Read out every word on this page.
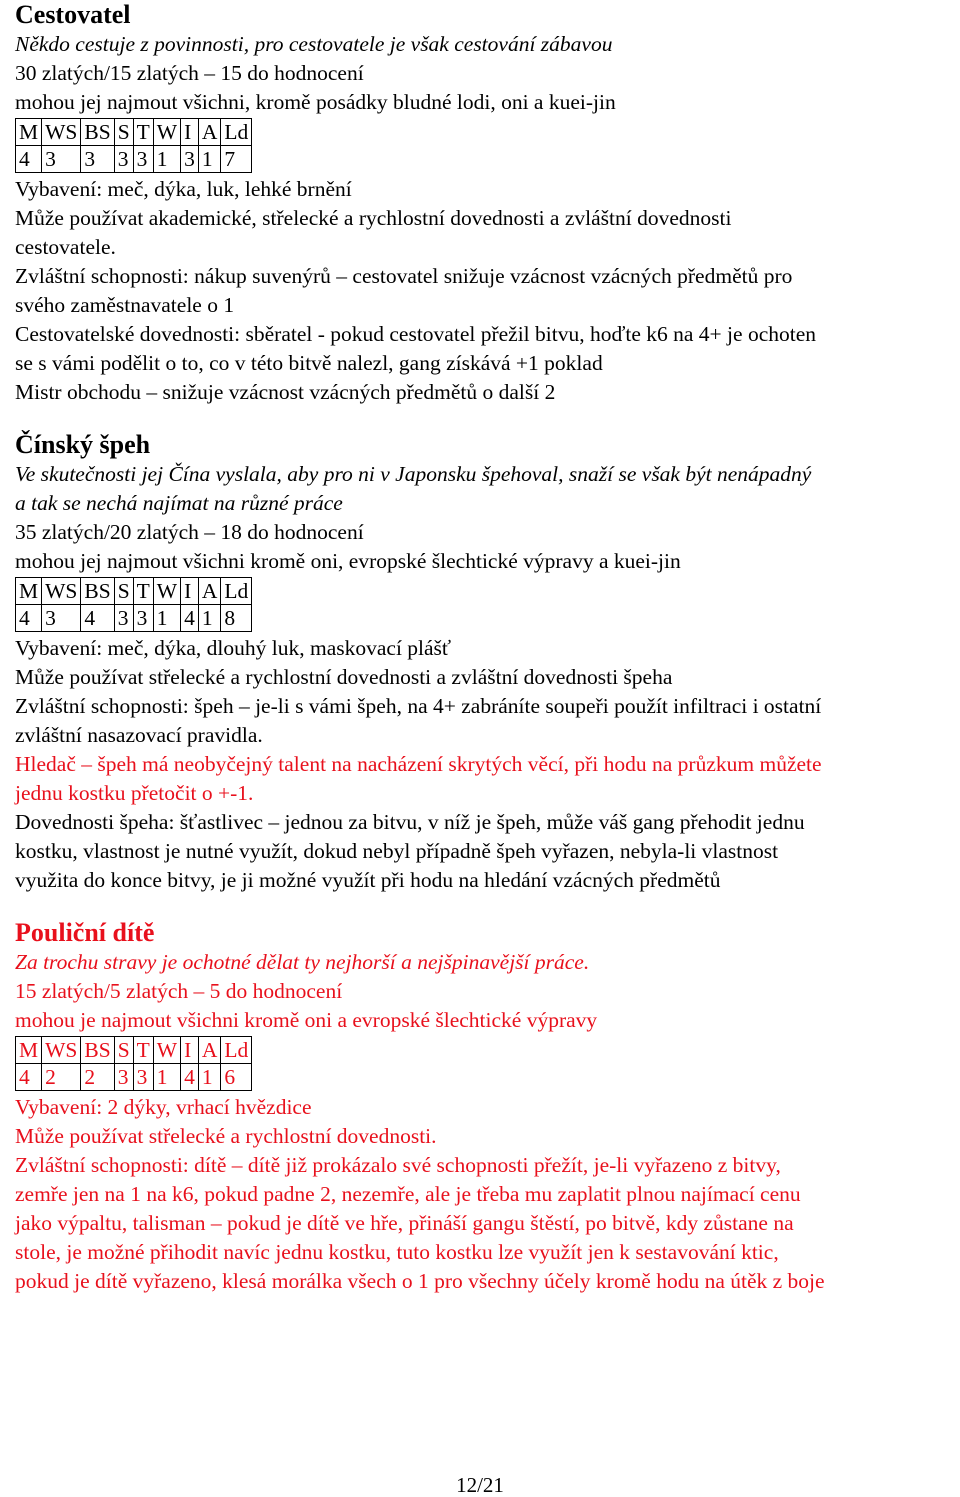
Cestovatel
Někdo cestuje z povinnosti, pro cestovatele je však cestování zábavou
30 zlatých/15 zlatých – 15 do hodnocení
mohou jej najmout všichni, kromě posádky bludné lodi, oni a kuei-jin
M	WS	BS	S	T	W	I	A	Ld
4	3	3	3	3	1	3	1	7
Vybavení: meč, dýka, luk, lehké brnění
Může používat akademické, střelecké a rychlostní dovednosti a zvláštní dovednosti
cestovatele.
Zvláštní schopnosti: nákup suvenýrů – cestovatel snižuje vzácnost vzácných předmětů pro
svého zaměstnavatele o 1
Cestovatelské dovednosti: sběratel - pokud cestovatel přežil bitvu, hoďte k6 na 4+ je ochoten
se s vámi podělit o to, co v této bitvě nalezl, gang získává +1 poklad
Mistr obchodu – snižuje vzácnost vzácných předmětů o další 2
Čínský špeh
Ve skutečnosti jej Čína vyslala, aby pro ni v Japonsku špehoval, snaží se však být nenápadný
a tak se nechá najímat na různé práce
35 zlatých/20 zlatých – 18 do hodnocení
mohou jej najmout všichni kromě oni, evropské šlechtické výpravy a kuei-jin
M	WS	BS	S	T	W	I	A	Ld
4	3	4	3	3	1	4	1	8
Vybavení: meč, dýka, dlouhý luk, maskovací plášť
Může používat střelecké a rychlostní dovednosti a zvláštní dovednosti špeha
Zvláštní schopnosti: špeh – je-li s vámi špeh, na 4+ zabráníte soupeři použít infiltraci i ostatní
zvláštní nasazovací pravidla.
Hledač – špeh má neobyčejný talent na nacházení skrytých věcí, při hodu na průzkum můžete
jednu kostku přetočit o +-1.
Dovednosti špeha: šťastlivec – jednou za bitvu, v níž je špeh, může váš gang přehodit jednu
kostku, vlastnost je nutné využít, dokud nebyl případně špeh vyřazen, nebyla-li vlastnost
využita do konce bitvy, je ji možné využít při hodu na hledání vzácných předmětů
Pouliční dítě
Za trochu stravy je ochotné dělat ty nejhorší a nejšpinavější práce.
15 zlatých/5 zlatých – 5 do hodnocení
mohou je najmout všichni kromě oni a evropské šlechtické výpravy
M	WS	BS	S	T	W	I	A	Ld
4	2	2	3	3	1	4	1	6
Vybavení: 2 dýky, vrhací hvězdice
Může používat střelecké a rychlostní dovednosti.
Zvláštní schopnosti: dítě – dítě již prokázalo své schopnosti přežít, je-li vyřazeno z bitvy,
zemře jen na 1 na k6, pokud padne 2, nezemře, ale je třeba mu zaplatit plnou najímací cenu
jako výpaltu, talisman – pokud je dítě ve hře, přináší gangu štěstí, po bitvě, kdy zůstane na
stole, je možné přihodit navíc jednu kostku, tuto kostku lze využít jen k sestavování ktic,
pokud je dítě vyřazeno, klesá morálka všech o 1 pro všechny účely kromě hodu na útěk z boje
12/21
